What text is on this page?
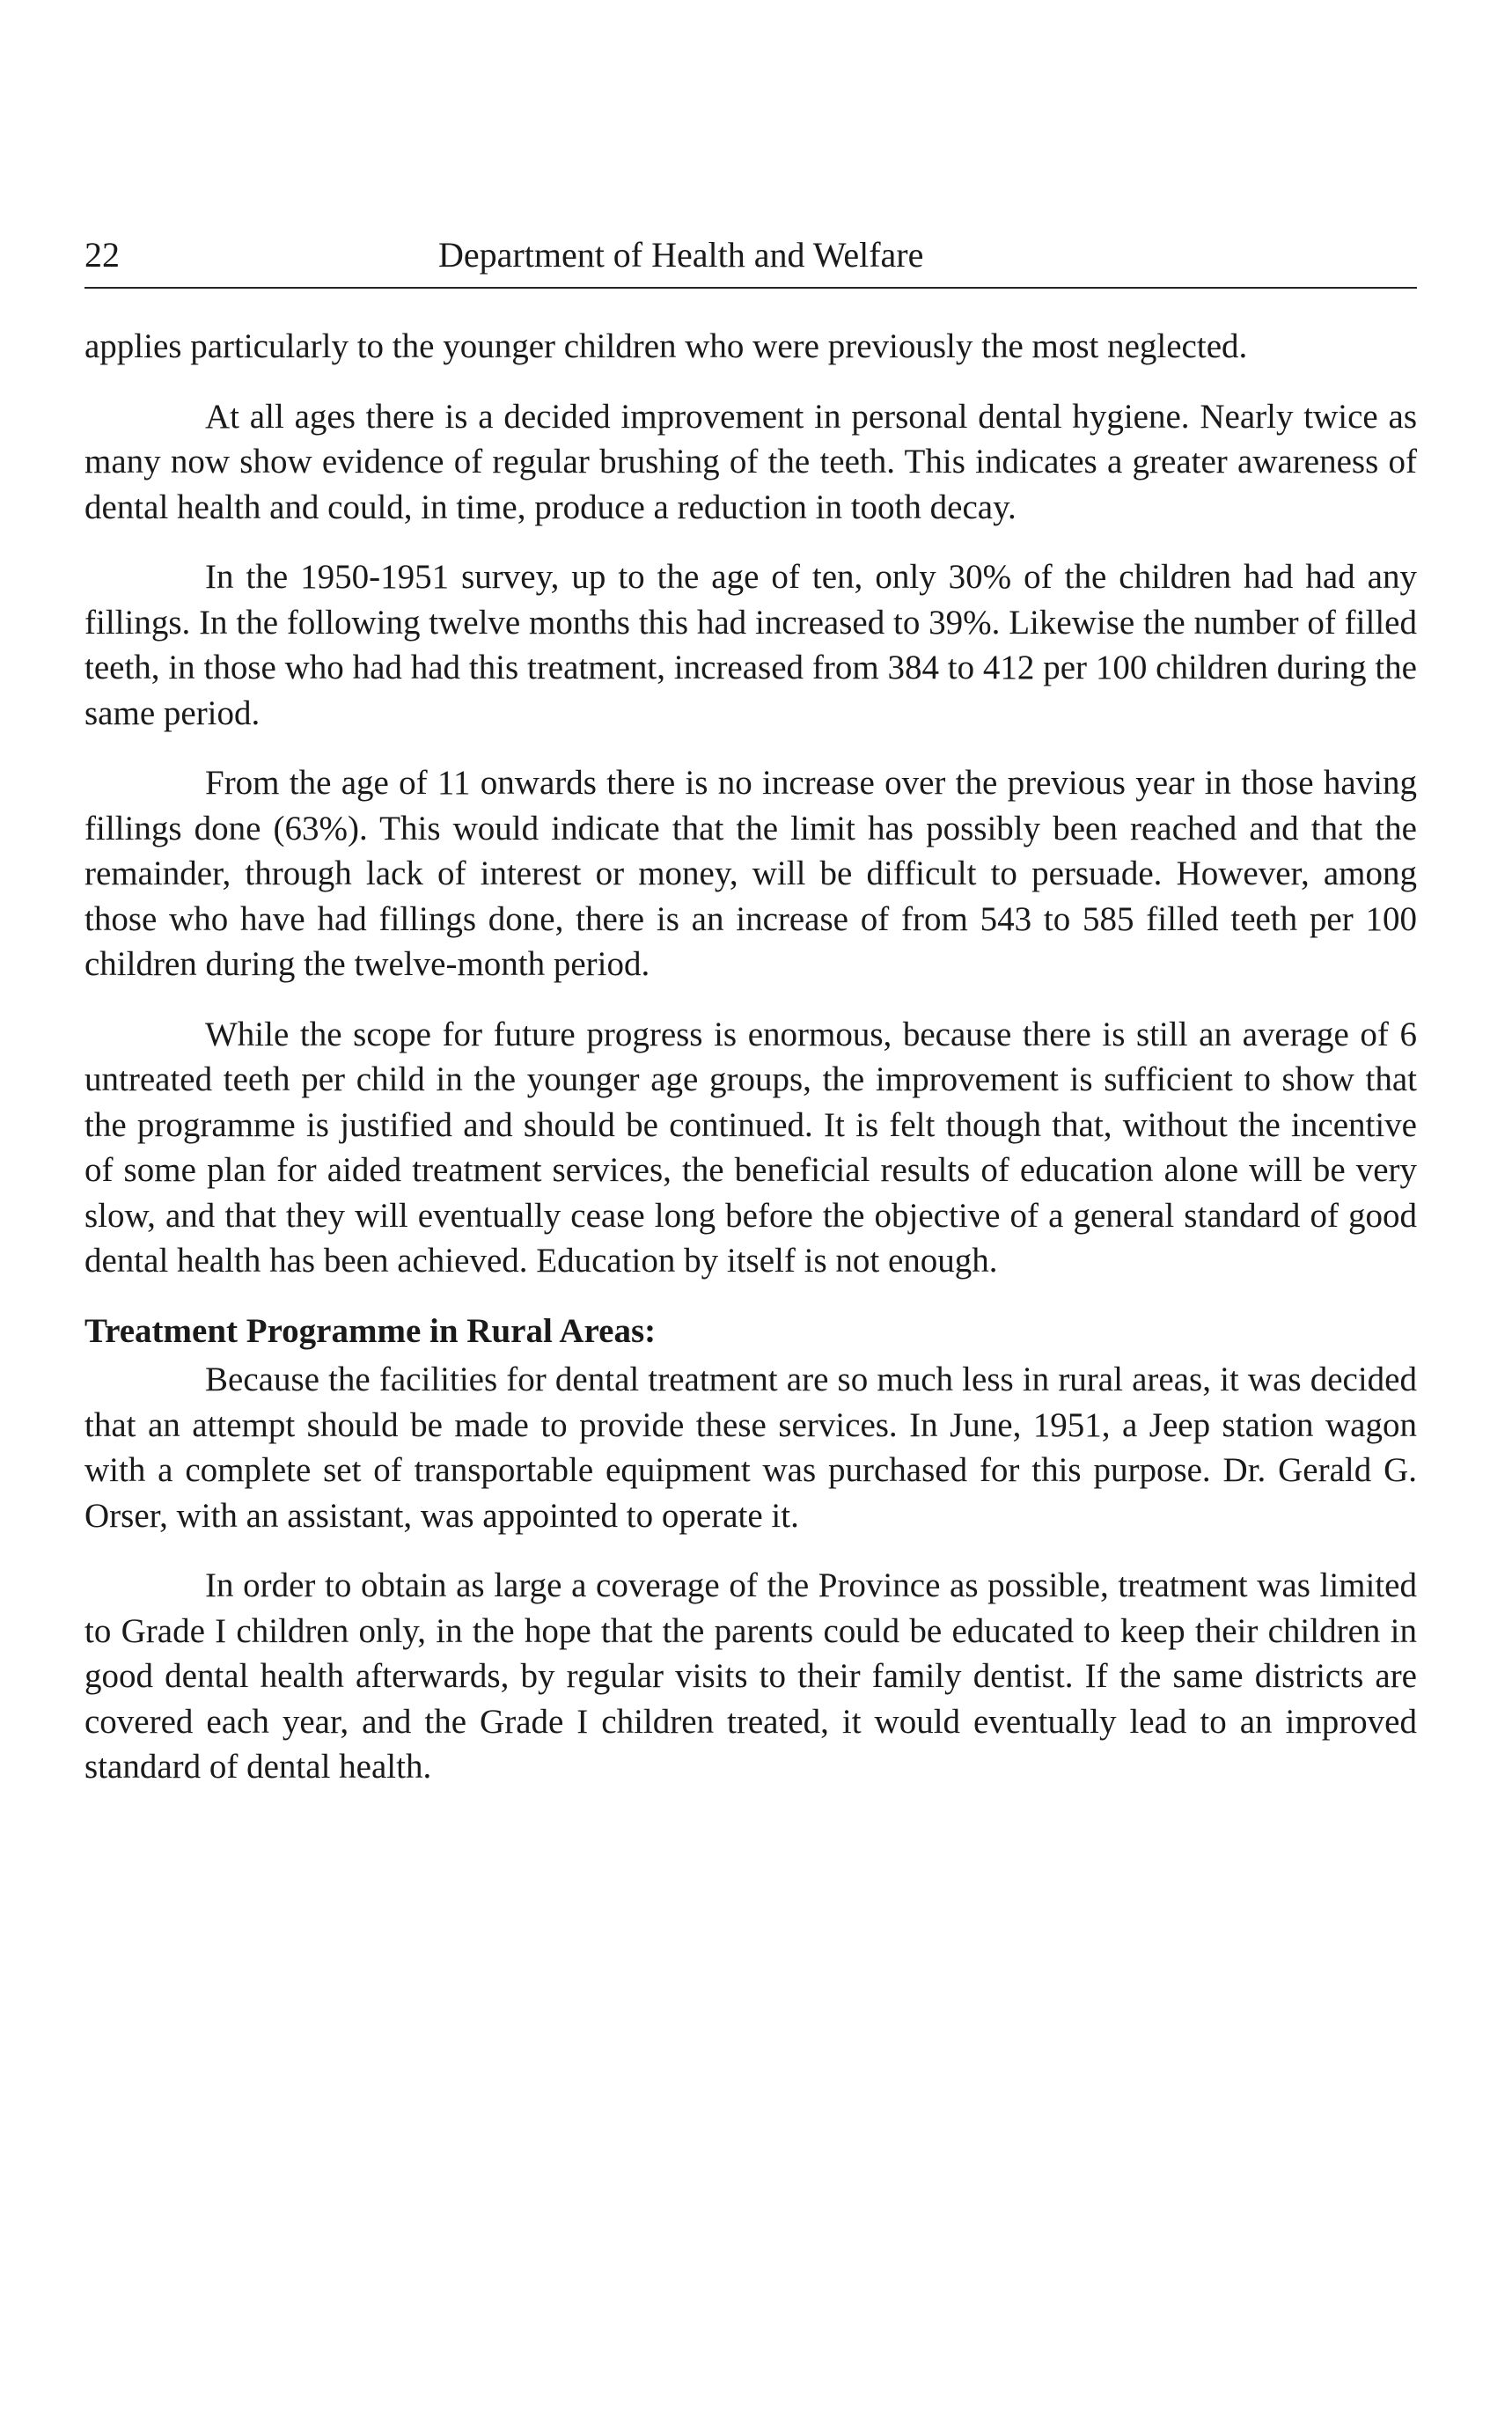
22	Department of Health and Welfare

applies particularly to the younger children who were previously the most neglected.

At all ages there is a decided improvement in personal dental hygiene. Nearly twice as many now show evidence of regular brushing of the teeth. This indicates a greater awareness of dental health and could, in time, produce a reduction in tooth decay.

In the 1950-1951 survey, up to the age of ten, only 30% of the children had had any fillings. In the following twelve months this had increased to 39%. Likewise the number of filled teeth, in those who had had this treatment, increased from 384 to 412 per 100 children during the same period.

From the age of 11 onwards there is no increase over the previous year in those having fillings done (63%). This would indicate that the limit has possibly been reached and that the remainder, through lack of interest or money, will be difficult to persuade. However, among those who have had fillings done, there is an increase of from 543 to 585 filled teeth per 100 children during the twelve-month period.

While the scope for future progress is enormous, because there is still an average of 6 untreated teeth per child in the younger age groups, the improvement is sufficient to show that the programme is justified and should be continued. It is felt though that, without the incentive of some plan for aided treatment services, the beneficial results of education alone will be very slow, and that they will eventually cease long before the objective of a general standard of good dental health has been achieved. Education by itself is not enough.

Treatment Programme in Rural Areas:

Because the facilities for dental treatment are so much less in rural areas, it was decided that an attempt should be made to provide these services. In June, 1951, a Jeep station wagon with a complete set of transportable equipment was purchased for this purpose. Dr. Gerald G. Orser, with an assistant, was appointed to operate it.

In order to obtain as large a coverage of the Province as possible, treatment was limited to Grade I children only, in the hope that the parents could be educated to keep their children in good dental health afterwards, by regular visits to their family dentist. If the same districts are covered each year, and the Grade I children treated, it would eventually lead to an improved standard of dental health.
